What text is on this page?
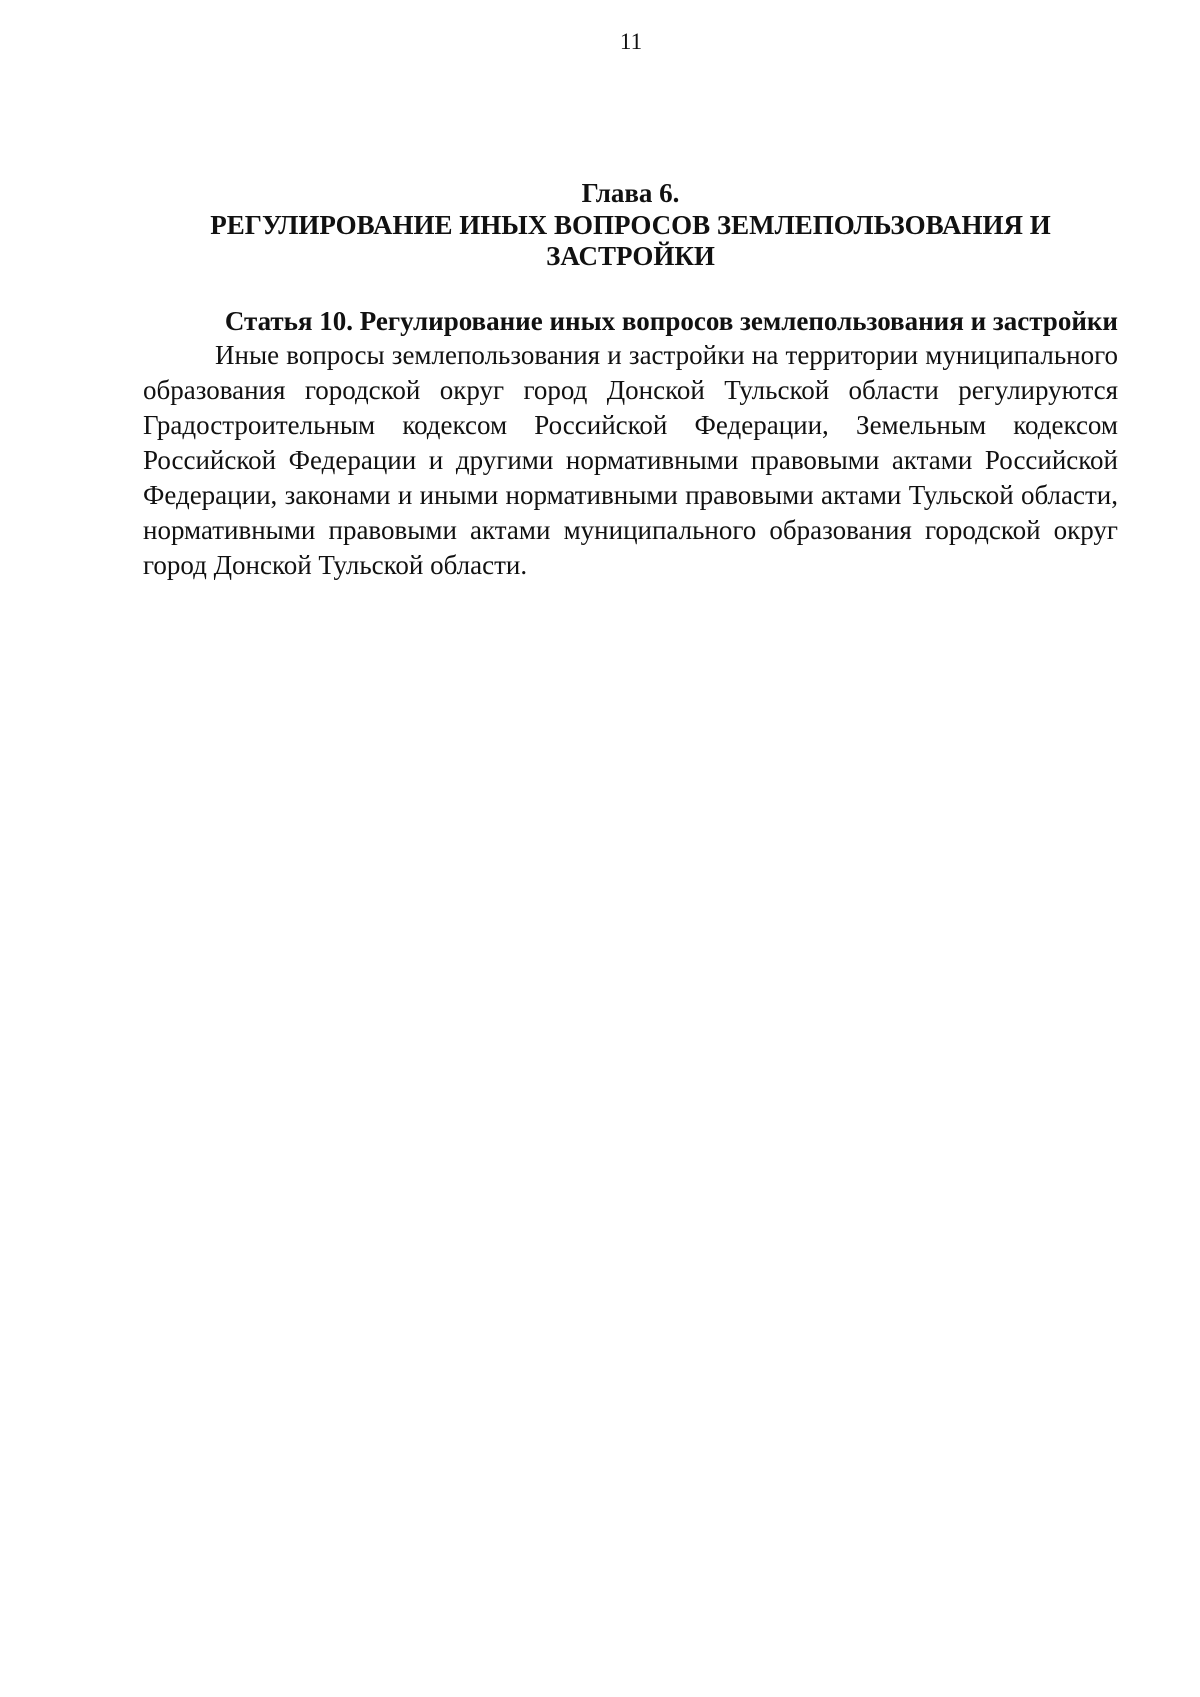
11
Глава 6.
РЕГУЛИРОВАНИЕ ИНЫХ ВОПРОСОВ ЗЕМЛЕПОЛЬЗОВАНИЯ И ЗАСТРОЙКИ
Статья 10. Регулирование иных вопросов землепользования и застройки

Иные вопросы землепользования и застройки на территории муниципального образования городской округ город Донской Тульской области регулируются Градостроительным кодексом Российской Федерации, Земельным кодексом Российской Федерации и другими нормативными правовыми актами Российской Федерации, законами и иными нормативными правовыми актами Тульской области, нормативными правовыми актами муниципального образования городской округ город Донской Тульской области.
